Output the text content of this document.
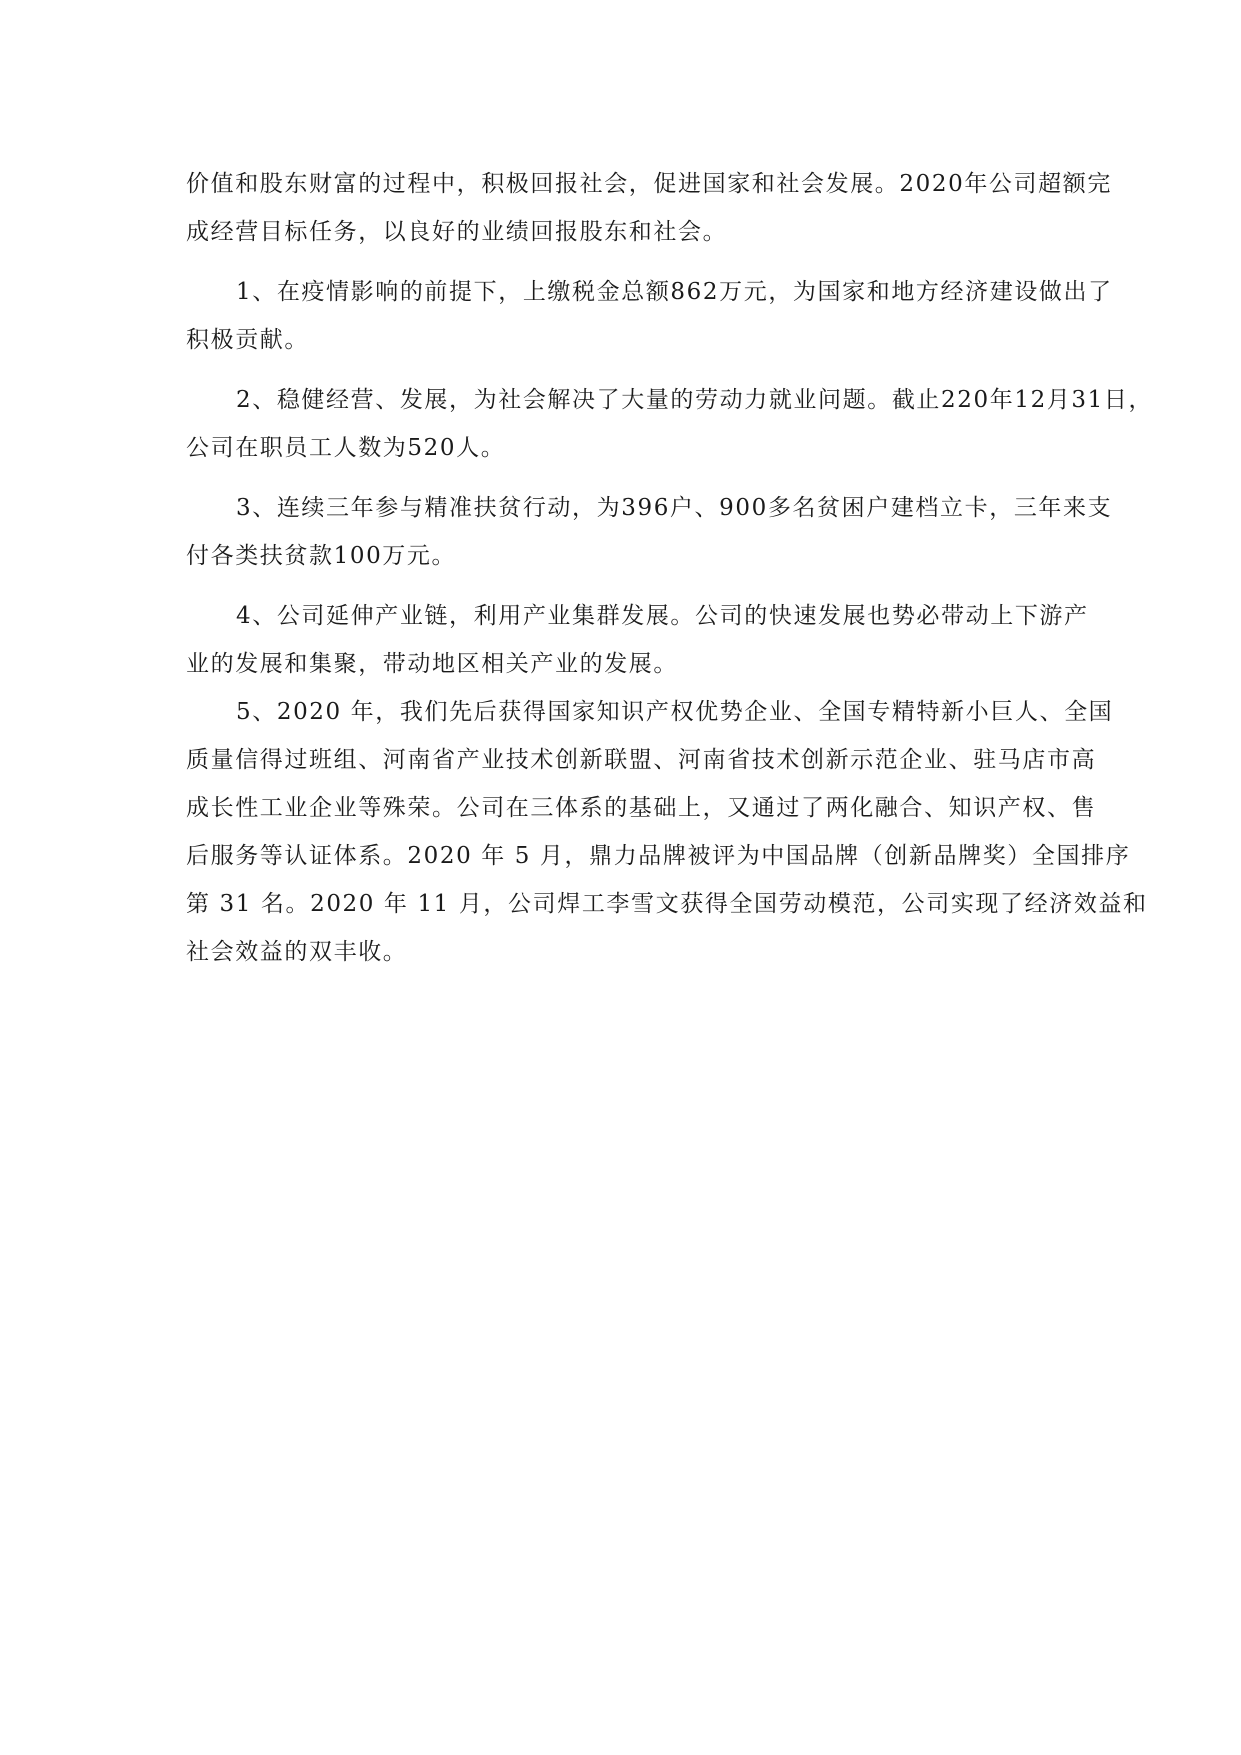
价值和股东财富的过程中，积极回报社会，促进国家和社会发展。2020年公司超额完
成经营目标任务，以良好的业绩回报股东和社会。
1、在疫情影响的前提下，上缴税金总额862万元，为国家和地方经济建设做出了
积极贡献。
2、稳健经营、发展，为社会解决了大量的劳动力就业问题。截止220年12月31日，
公司在职员工人数为520人。
3、连续三年参与精准扶贫行动，为396户、900多名贫困户建档立卡，三年来支
付各类扶贫款100万元。
4、公司延伸产业链，利用产业集群发展。公司的快速发展也势必带动上下游产
业的发展和集聚，带动地区相关产业的发展。
5、2020 年，我们先后获得国家知识产权优势企业、全国专精特新小巨人、全国
质量信得过班组、河南省产业技术创新联盟、河南省技术创新示范企业、驻马店市高
成长性工业企业等殊荣。公司在三体系的基础上，又通过了两化融合、知识产权、售
后服务等认证体系。2020 年 5 月，鼎力品牌被评为中国品牌（创新品牌奖）全国排序
第 31 名。2020 年 11 月，公司焊工李雪文获得全国劳动模范，公司实现了经济效益和
社会效益的双丰收。
